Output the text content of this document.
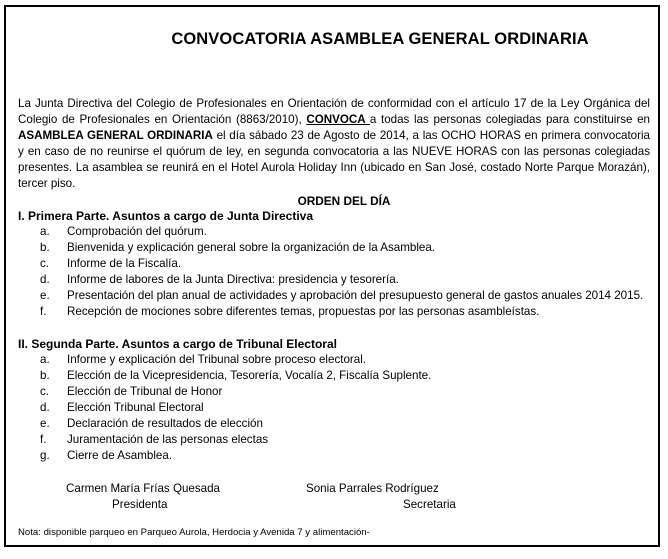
CONVOCATORIA ASAMBLEA GENERAL ORDINARIA
La Junta Directiva del Colegio de Profesionales en Orientación de conformidad con el artículo 17 de la Ley Orgánica del Colegio de Profesionales en Orientación (8863/2010), CONVOCA a todas las personas colegiadas para constituirse en ASAMBLEA GENERAL ORDINARIA el día sábado 23 de Agosto de 2014, a las OCHO HORAS en primera convocatoria y en caso de no reunirse el quórum de ley, en segunda convocatoria a las NUEVE HORAS con las personas colegiadas presentes. La asamblea se reunirá en el Hotel Aurola Holiday Inn (ubicado en San José, costado Norte Parque Morazán), tercer piso.
ORDEN DEL DÍA
I. Primera Parte. Asuntos a cargo de Junta Directiva
a.	Comprobación del quórum.
b.	Bienvenida y explicación general sobre la organización de la Asamblea.
c.	Informe de la Fiscalía.
d.	Informe de labores de la Junta Directiva: presidencia y tesorería.
e.	Presentación del plan anual de actividades y aprobación del presupuesto general de gastos anuales 2014 2015.
f.	Recepción de mociones sobre diferentes temas, propuestas por las personas asambleístas.
II. Segunda Parte. Asuntos a cargo de Tribunal Electoral
a.	Informe y explicación del Tribunal sobre proceso electoral.
b.	Elección de la Vicepresidencia, Tesorería, Vocalía 2, Fiscalía Suplente.
c.	Elección de Tribunal de Honor
d.	Elección Tribunal Electoral
e.	Declaración de resultados de elección
f.	Juramentación de las personas electas
g.	Cierre de Asamblea.
Carmen María Frías Quesada
Presidenta
Sonia Parrales Rodríguez
Secretaria
Nota: disponible parqueo en Parqueo Aurola, Herdocia y Avenida 7 y alimentación-
